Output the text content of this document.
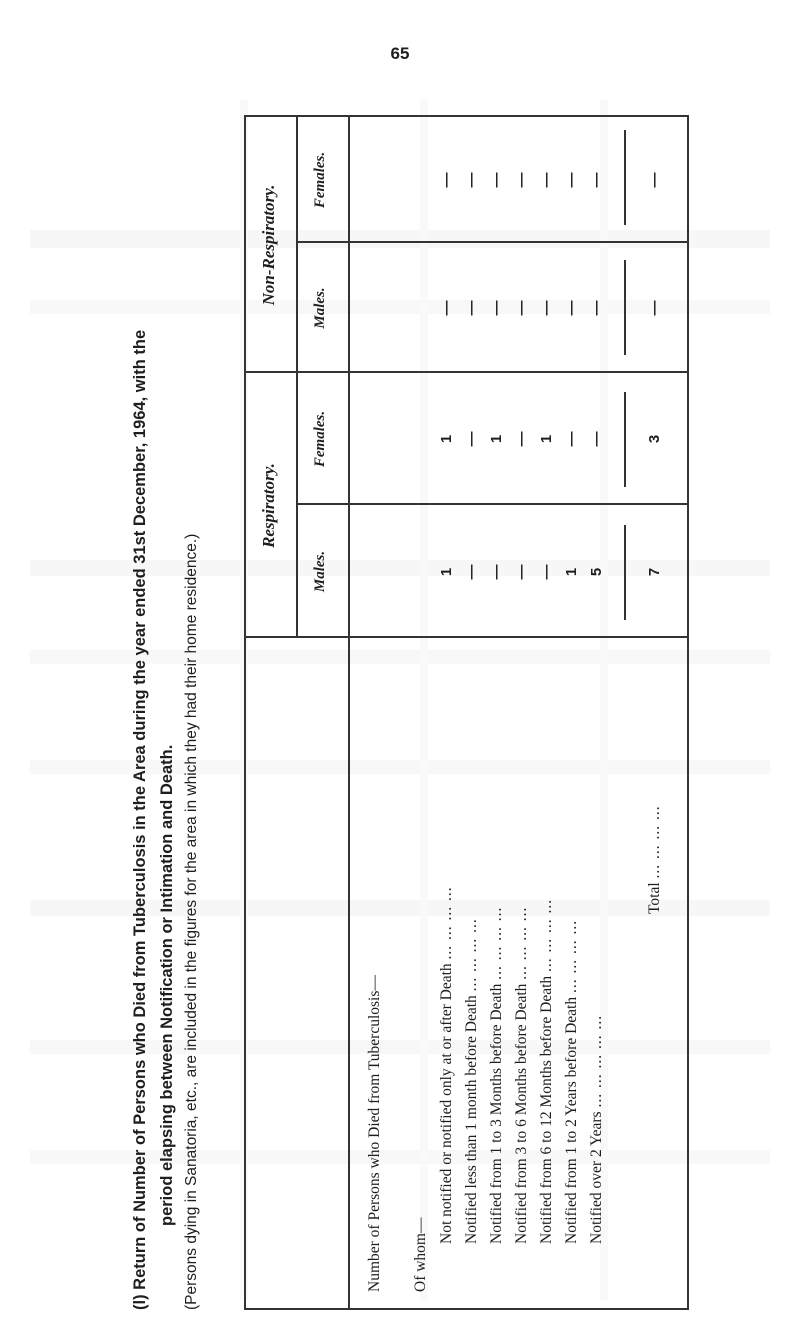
65
(l) Return of Number of Persons who Died from Tuberculosis in the Area during the year ended 31st December, 1964, with the period elapsing between Notification or Intimation and Death. (Persons dying in Sanatoria, etc., are included in the figures for the area in which they had their home residence.)
Respiratory.
Non-Respiratory.
Males.
Females.
Males.
Females.
Number of Persons who Died from Tuberculosis— Of whom—
Not notified or notified only at or after Death ... ... ... ...
Notified less than 1 month before Death ... ... ... ...
Notified from 1 to 3 Months before Death ... ... ... ...
Notified from 3 to 6 Months before Death ... ... ... ...
Notified from 6 to 12 Months before Death ... ... ... ...
Notified from 1 to 2 Years before Death ... ... ... ...
Notified over 2 Years ... ... ... ... ...
Total ... ... ... ...
1
1
—
—
—
—
—
—
—
1
—
—
—
—
—
—
—
1
—
—
1
—
—
—
5
—
—
—
7
3
—
—
